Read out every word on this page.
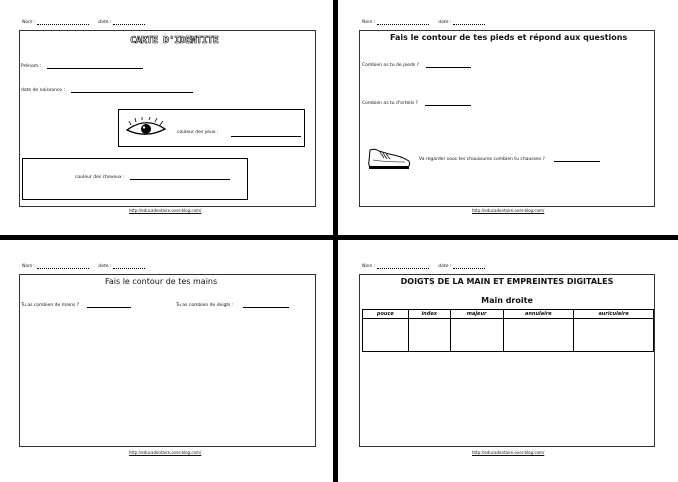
Nom :	date :
CARTE D'IDENTITE
Prénom :
date de naissance :
couleur des yeux :
couleur des cheveux :
http://educadentaire.over-blog.com/
Nom :	date :
Fais le contour de tes pieds et répond aux questions
Combien as tu de pieds ?
Combien as tu d'orteils ?
Va regarder sous tes chaussures combien tu chausses ?
http://educadentaire.over-blog.com/
Nom :	date :
Fais le contour de tes mains
Tu as combien de mains ?	Tu as combien de doigts :
http://educadentaire.over-blog.com/
Nom :	date :
DOIGTS DE LA MAIN ET EMPREINTES DIGITALES
Main droite
pouce	index	majeur	annulaire	auriculaire

http://educadentaire.over-blog.com/
